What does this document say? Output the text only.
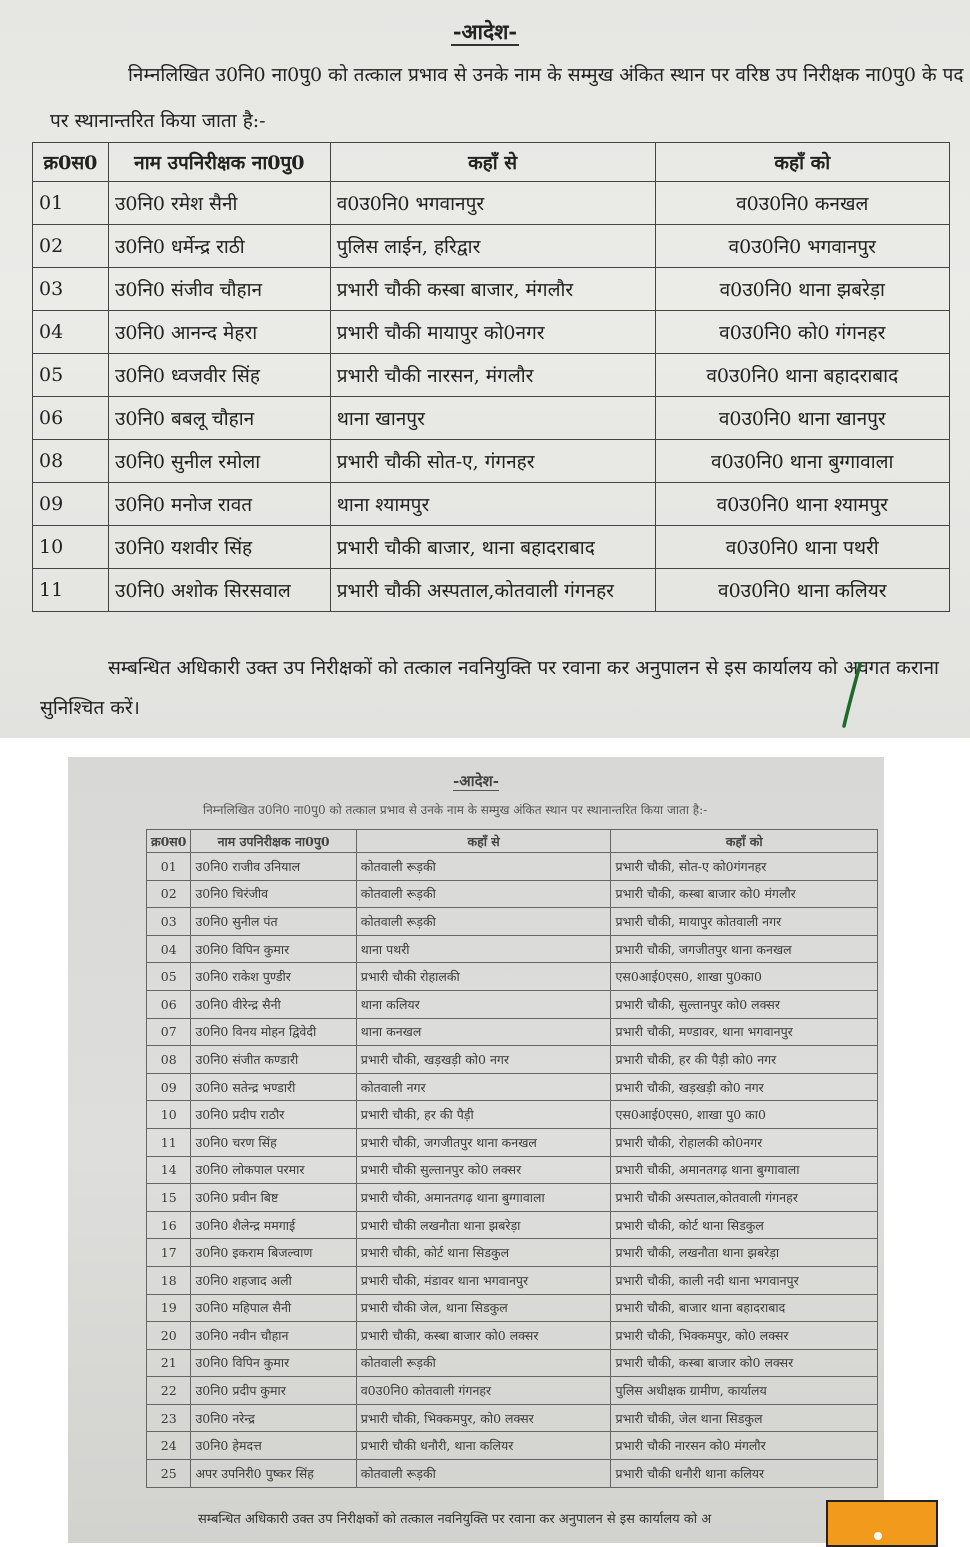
-आदेश-
निम्नलिखित उ0नि0 ना0पु0 को तत्काल प्रभाव से उनके नाम के सम्मुख अंकित स्थान पर वरिष्ठ उप निरीक्षक ना0पु0 के पद पर स्थानान्तरित किया जाता है:-
क्र0स0	नाम उपनिरीक्षक ना0पु0	कहाँ से	कहाँ को
01	उ0नि0 रमेश सैनी	व0उ0नि0 भगवानपुर	व0उ0नि0 कनखल
02	उ0नि0 धर्मेन्द्र राठी	पुलिस लाईन, हरिद्वार	व0उ0नि0 भगवानपुर
03	उ0नि0 संजीव चौहान	प्रभारी चौकी कस्बा बाजार, मंगलौर	व0उ0नि0 थाना झबरेड़ा
04	उ0नि0 आनन्द मेहरा	प्रभारी चौकी मायापुर को0नगर	व0उ0नि0 को0 गंगनहर
05	उ0नि0 ध्वजवीर सिंह	प्रभारी चौकी नारसन, मंगलौर	व0उ0नि0 थाना बहादराबाद
06	उ0नि0 बबलू चौहान	थाना खानपुर	व0उ0नि0 थाना खानपुर
08	उ0नि0 सुनील रमोला	प्रभारी चौकी सोत-ए, गंगनहर	व0उ0नि0 थाना बुग्गावाला
09	उ0नि0 मनोज रावत	थाना श्यामपुर	व0उ0नि0 थाना श्यामपुर
10	उ0नि0 यशवीर सिंह	प्रभारी चौकी बाजार, थाना बहादराबाद	व0उ0नि0 थाना पथरी
11	उ0नि0 अशोक सिरसवाल	प्रभारी चौकी अस्पताल,कोतवाली गंगनहर	व0उ0नि0 थाना कलियर
सम्बन्धित अधिकारी उक्त उप निरीक्षकों को तत्काल नवनियुक्ति पर रवाना कर अनुपालन से इस कार्यालय को अवगत कराना सुनिश्चित करें।
-आदेश-
निम्नलिखित उ0नि0 ना0पु0 को तत्काल प्रभाव से उनके नाम के सम्मुख अंकित स्थान पर स्थानान्तरित किया जाता है:-
क्र0स0	नाम उपनिरीक्षक ना0पु0	कहाँ से	कहाँ को
01	उ0नि0 राजीव उनियाल	कोतवाली रूड़की	प्रभारी चौकी, सोत-ए को0गंगनहर
02	उ0नि0 चिरंजीव	कोतवाली रूड़की	प्रभारी चौकी, कस्बा बाजार को0 मंगलौर
03	उ0नि0 सुनील पंत	कोतवाली रूड़की	प्रभारी चौकी, मायापुर कोतवाली नगर
04	उ0नि0 विपिन कुमार	थाना पथरी	प्रभारी चौकी, जगजीतपुर थाना कनखल
05	उ0नि0 राकेश पुण्डीर	प्रभारी चौकी रोहालकी	एस0आई0एस0, शाखा पु0का0
06	उ0नि0 वीरेन्द्र सैनी	थाना कलियर	प्रभारी चौकी, सुल्तानपुर को0 लक्सर
07	उ0नि0 विनय मोहन द्विवेदी	थाना कनखल	प्रभारी चौकी, मण्डावर, थाना भगवानपुर
08	उ0नि0 संजीत कण्डारी	प्रभारी चौकी, खड़खड़ी को0 नगर	प्रभारी चौकी, हर की पैड़ी को0 नगर
09	उ0नि0 सतेन्द्र भण्डारी	कोतवाली नगर	प्रभारी चौकी, खड़खड़ी को0 नगर
10	उ0नि0 प्रदीप राठौर	प्रभारी चौकी, हर की पैड़ी	एस0आई0एस0, शाखा पु0 का0
11	उ0नि0 चरण सिंह	प्रभारी चौकी, जगजीतपुर थाना कनखल	प्रभारी चौकी, रोहालकी को0नगर
14	उ0नि0 लोकपाल परमार	प्रभारी चौकी सुल्तानपुर को0 लक्सर	प्रभारी चौकी, अमानतगढ़ थाना बुग्गावाला
15	उ0नि0 प्रवीन बिष्ट	प्रभारी चौकी, अमानतगढ़ थाना बुग्गावाला	प्रभारी चौकी अस्पताल,कोतवाली गंगनहर
16	उ0नि0 शैलेन्द्र ममगाई	प्रभारी चौकी लखनौता थाना झबरेड़ा	प्रभारी चौकी, कोर्ट थाना सिडकुल
17	उ0नि0 इकराम बिजल्वाण	प्रभारी चौकी, कोर्ट थाना सिडकुल	प्रभारी चौकी, लखनौता थाना झबरेड़ा
18	उ0नि0 शहजाद अली	प्रभारी चौकी, मंडावर थाना भगवानपुर	प्रभारी चौकी, काली नदी थाना भगवानपुर
19	उ0नि0 महिपाल सैनी	प्रभारी चौकी जेल, थाना सिडकुल	प्रभारी चौकी, बाजार थाना बहादराबाद
20	उ0नि0 नवीन चौहान	प्रभारी चौकी, कस्बा बाजार को0 लक्सर	प्रभारी चौकी, भिक्कमपुर, को0 लक्सर
21	उ0नि0 विपिन कुमार	कोतवाली रूड़की	प्रभारी चौकी, कस्बा बाजार को0 लक्सर
22	उ0नि0 प्रदीप कुमार	व0उ0नि0 कोतवाली गंगनहर	पुलिस अधीक्षक ग्रामीण, कार्यालय
23	उ0नि0 नरेन्द्र	प्रभारी चौकी, भिक्कमपुर, को0 लक्सर	प्रभारी चौकी, जेल थाना सिडकुल
24	उ0नि0 हेमदत्त	प्रभारी चौकी धनौरी, थाना कलियर	प्रभारी चौकी नारसन को0 मंगलौर
25	अपर उपनिरी0 पुष्कर सिंह	कोतवाली रूड़की	प्रभारी चौकी धनौरी थाना कलियर
सम्बन्धित अधिकारी उक्त उप निरीक्षकों को तत्काल नवनियुक्ति पर रवाना कर अनुपालन से इस कार्यालय को अ
